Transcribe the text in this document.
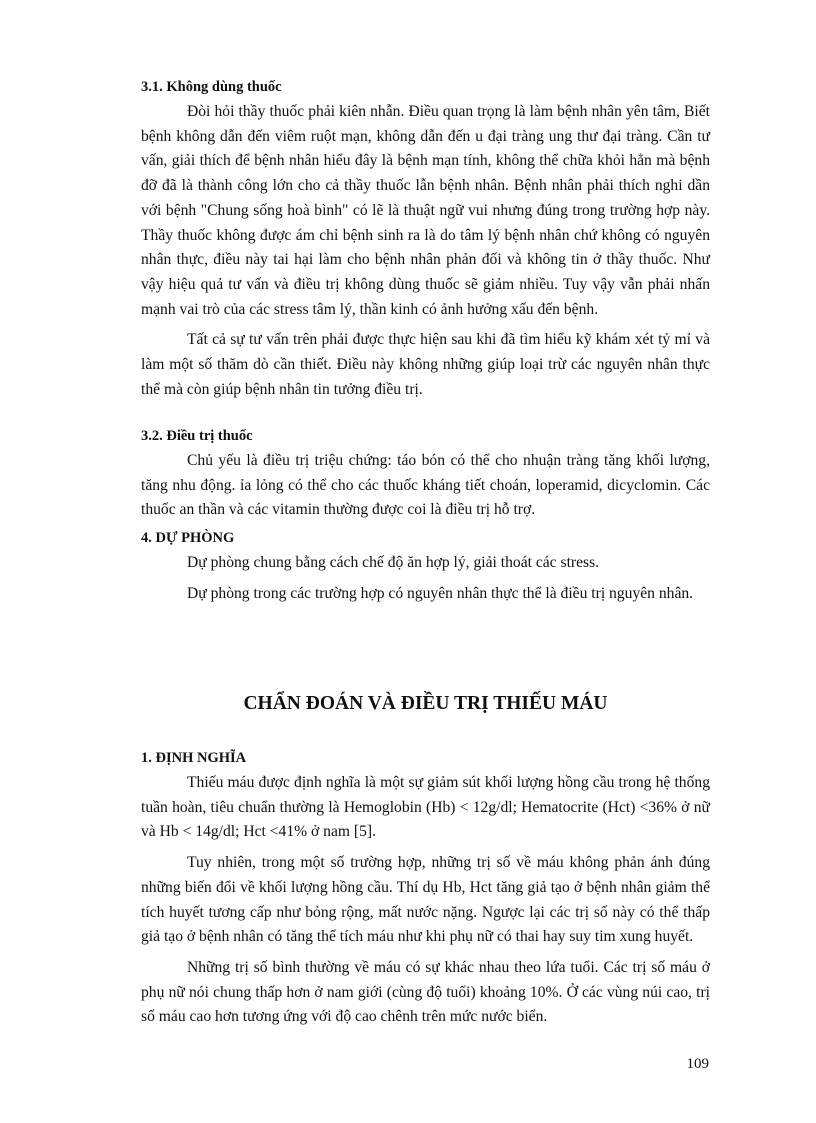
3.1. Không dùng thuốc

Đòi hỏi thầy thuốc phải kiên nhẫn. Điều quan trọng là làm bệnh nhân yên tâm, Biết bệnh không dẫn đến viêm ruột mạn, không dẫn đến u đại tràng ung thư đại tràng. Cần tư vấn, giải thích để bệnh nhân hiểu đây là bệnh mạn tính, không thể chữa khỏi hẳn mà bệnh đỡ đã là thành công lớn cho cả thầy thuốc lẫn bệnh nhân. Bệnh nhân phải thích nghi dần với bệnh "Chung sống hoà bình" có lẽ là thuật ngữ vui nhưng đúng trong trường hợp này. Thầy thuốc không được ám chỉ bệnh sinh ra là do tâm lý bệnh nhân chứ không có nguyên nhân thực, điều này tai hại làm cho bệnh nhân phản đối và không tin ở thầy thuốc. Như vậy hiệu quả tư vấn và điều trị không dùng thuốc sẽ giảm nhiều. Tuy vậy vẫn phải nhấn mạnh vai trò của các stress tâm lý, thần kinh có ảnh hưởng xấu đến bệnh.

Tất cả sự tư vấn trên phải được thực hiện sau khi đã tìm hiểu kỹ khám xét tỷ mỉ và làm một số thăm dò cần thiết. Điều này không những giúp loại trừ các nguyên nhân thực thể mà còn giúp bệnh nhân tin tưởng điều trị.

3.2. Điều trị thuốc

Chủ yếu là điều trị triệu chứng: táo bón có thể cho nhuận tràng tăng khối lượng, tăng nhu động. ỉa lỏng có thể cho các thuốc kháng tiết choán, loperamid, dicyclomin. Các thuốc an thần và các vitamin thường được coi là điều trị hỗ trợ.

4. DỰ PHÒNG

Dự phòng chung bằng cách chế độ ăn hợp lý, giải thoát các stress.

Dự phòng trong các trường hợp có nguyên nhân thực thể là điều trị nguyên nhân.

CHẨN ĐOÁN VÀ ĐIỀU TRỊ THIẾU MÁU

1. ĐỊNH NGHĨA

Thiếu máu được định nghĩa là một sự giảm sút khối lượng hồng cầu trong hệ thống tuần hoàn, tiêu chuẩn thường là Hemoglobin (Hb) < 12g/dl; Hematocrite (Hct) <36% ở nữ và Hb < 14g/dl; Hct <41% ở nam [5].

Tuy nhiên, trong một số trường hợp, những trị số về máu không phản ánh đúng những biến đổi về khối lượng hồng cầu. Thí dụ Hb, Hct tăng giả tạo ở bệnh nhân giảm thể tích huyết tương cấp như bỏng rộng, mất nước nặng. Ngược lại các trị số này có thể thấp giả tạo ở bệnh nhân có tăng thể tích máu như khi phụ nữ có thai hay suy tim xung huyết.

Những trị số bình thường về máu có sự khác nhau theo lứa tuổi. Các trị số máu ở phụ nữ nói chung thấp hơn ở nam giới (cùng độ tuổi) khoảng 10%. Ở các vùng núi cao, trị số máu cao hơn tương ứng với độ cao chênh trên mức nước biển.

109
